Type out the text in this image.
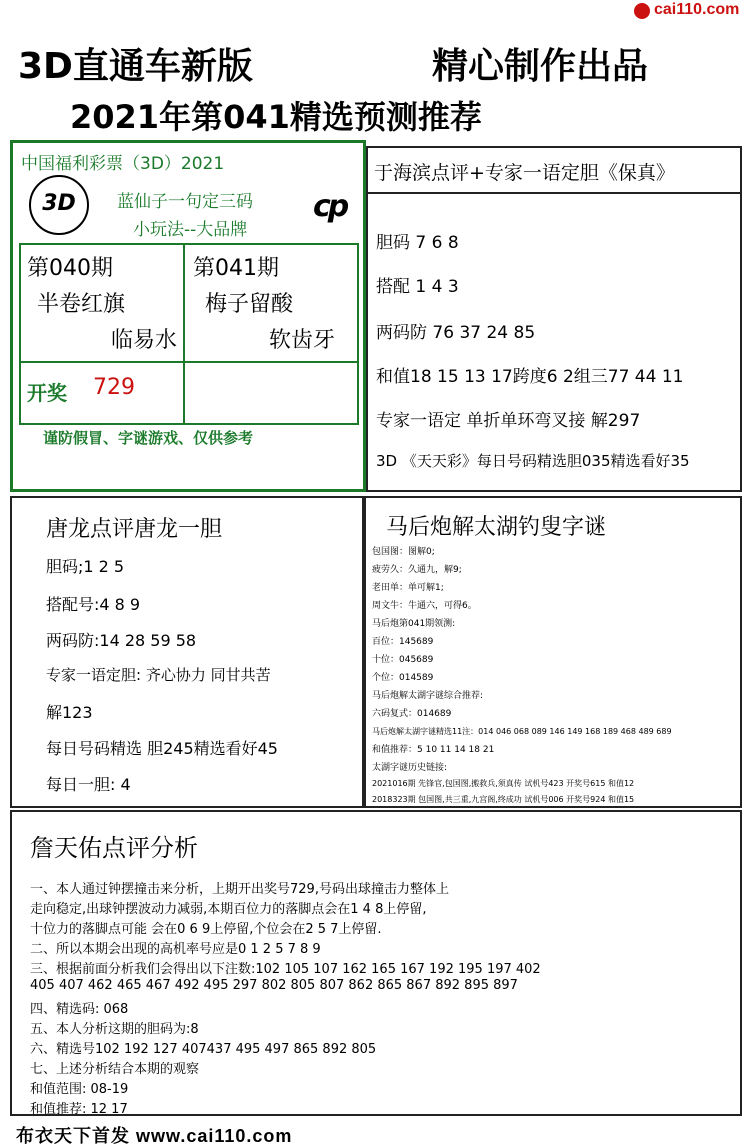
cai110.com
3D直通车新版	精心制作出品
2021年第041精选预测推荐
中国福利彩票（3D）2021
3D	蓝仙子一句定三码
小玩法--大品牌
cp
第040期
半卷红旗
临易水
第041期
梅子留酸
软齿牙
开奖 729
谨防假冒、字谜游戏、仅供参考
于海滨点评+专家一语定胆《保真》
胆码 7 6 8
搭配 1 4 3
两码防 76 37 24 85
和值18 15 13 17跨度6 2组三77 44 11
专家一语定 单折单环弯叉接 解297
3D 《天天彩》每日号码精选胆035精选看好35
唐龙点评唐龙一胆
胆码;1 2 5
搭配号:4 8 9
两码防:14 28 59 58
专家一语定胆: 齐心协力 同甘共苦
解123
每日号码精选 胆245精选看好45
每日一胆: 4
马后炮解太湖钓叟字谜
包国图：图解0;
疲劳久：久通九，解9;
老田单：单可解1;
周文牛：牛通六，可得6。
马后炮第041期领测:
百位：145689
十位：045689
个位：014589
马后炮解太湖字谜综合推荐:
六码复式：014689
马后炮解太湖字谜精选11注：014 046 068 089 146 149 168 189 468 489 689
和值推荐：5 10 11 14 18 21
太湖字谜历史链接:
2021016期 先锋官,包国图,搬救兵,须真传 试机号423 开奖号615 和值12
2018323期 包国图,共三重,九宫阁,终成功 试机号006 开奖号924 和值15
詹天佑点评分析
一、本人通过钟摆撞击来分析，上期开出奖号729,号码出球撞击力整体上
走向稳定,出球钟摆波动力减弱,本期百位力的落脚点会在1 4 8上停留,
十位力的落脚点可能 会在0 6 9上停留,个位会在2 5 7上停留.
二、所以本期会出现的高机率号应是0 1 2 5 7 8 9
三、根据前面分析我们会得出以下注数:102 105 107 162 165 167 192 195 197 402
405 407 462 465 467 492 495 297 802 805 807 862 865 867 892 895 897
四、精选码: 068
五、本人分析这期的胆码为:8
六、精选号102 192 127 407437 495 497 865 892 805
七、上述分析结合本期的观察
和值范围: 08-19
和值推荐: 12 17
布衣天下首发 www.cai110.com
